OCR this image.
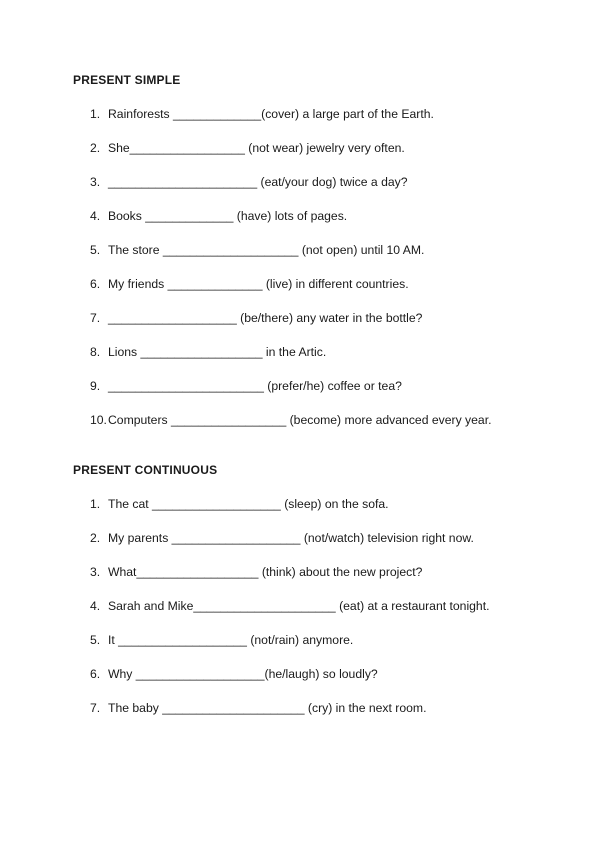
PRESENT SIMPLE
1. Rainforests _____________(cover) a large part of the Earth.
2. She_________________ (not wear) jewelry very often.
3. ______________________ (eat/your dog) twice a day?
4. Books _____________ (have) lots of pages.
5. The store ____________________ (not open) until 10 AM.
6. My friends ______________ (live) in different countries.
7. ___________________ (be/there) any water in the bottle?
8. Lions __________________ in the Artic.
9. _______________________ (prefer/he) coffee or tea?
10. Computers _________________ (become) more advanced every year.
PRESENT CONTINUOUS
1. The cat ___________________ (sleep) on the sofa.
2. My parents ___________________ (not/watch) television right now.
3. What__________________ (think) about the new project?
4. Sarah and Mike_____________________ (eat) at a restaurant tonight.
5. It ___________________ (not/rain) anymore.
6. Why ___________________(he/laugh) so loudly?
7. The baby _____________________ (cry) in the next room.
